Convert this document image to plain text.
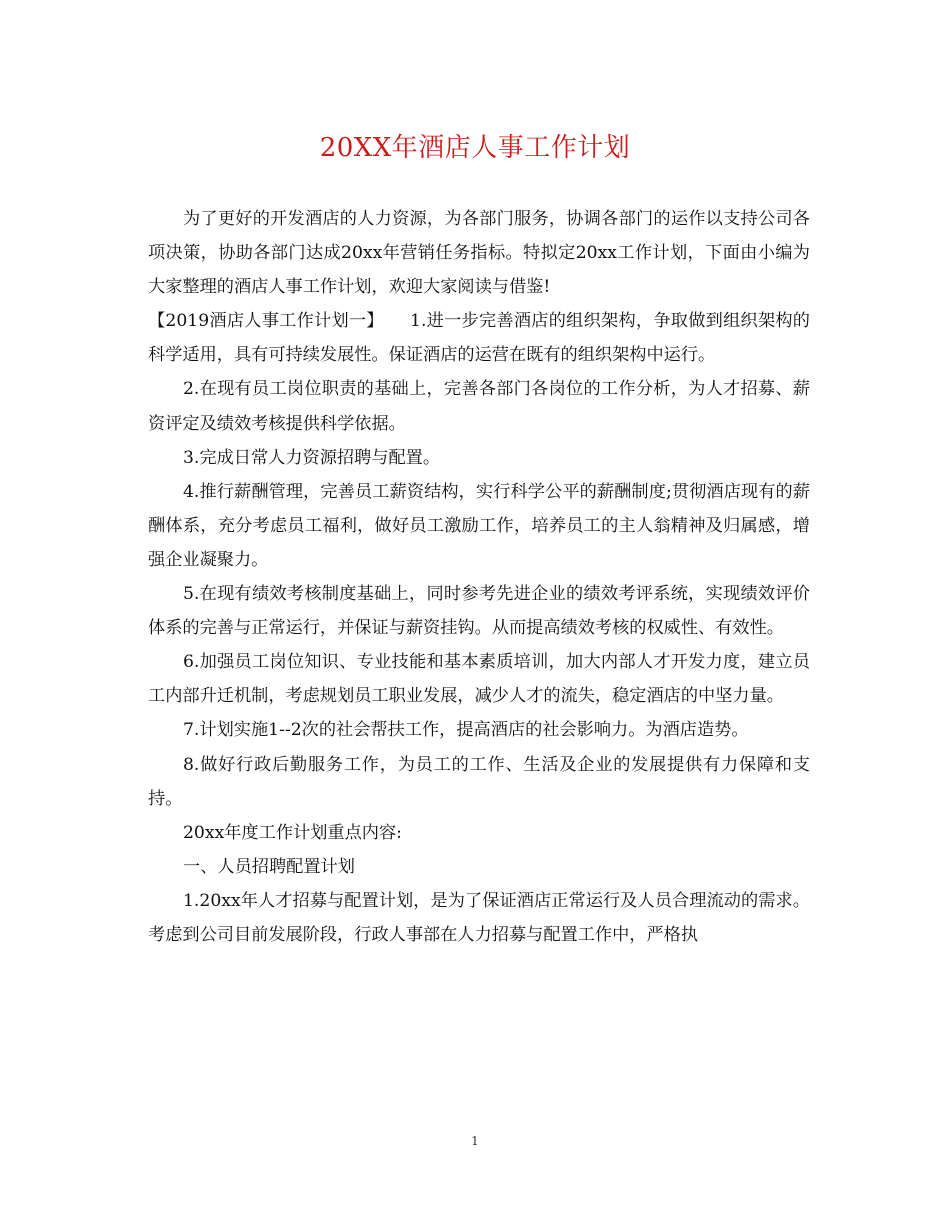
20XX年酒店人事工作计划

为了更好的开发酒店的人力资源，为各部门服务，协调各部门的运作以支持公司各项决策，协助各部门达成20xx年营销任务指标。特拟定20xx工作计划，下面由小编为大家整理的酒店人事工作计划，欢迎大家阅读与借鉴!

【2019酒店人事工作计划一】　　1.进一步完善酒店的组织架构，争取做到组织架构的科学适用，具有可持续发展性。保证酒店的运营在既有的组织架构中运行。

2.在现有员工岗位职责的基础上，完善各部门各岗位的工作分析，为人才招募、薪资评定及绩效考核提供科学依据。

3.完成日常人力资源招聘与配置。

4.推行薪酬管理，完善员工薪资结构，实行科学公平的薪酬制度;贯彻酒店现有的薪酬体系，充分考虑员工福利，做好员工激励工作，培养员工的主人翁精神及归属感，增强企业凝聚力。

5.在现有绩效考核制度基础上，同时参考先进企业的绩效考评系统，实现绩效评价体系的完善与正常运行，并保证与薪资挂钩。从而提高绩效考核的权威性、有效性。

6.加强员工岗位知识、专业技能和基本素质培训，加大内部人才开发力度，建立员工内部升迁机制，考虑规划员工职业发展，减少人才的流失，稳定酒店的中坚力量。

7.计划实施1--2次的社会帮扶工作，提高酒店的社会影响力。为酒店造势。

8.做好行政后勤服务工作，为员工的工作、生活及企业的发展提供有力保障和支持。

20xx年度工作计划重点内容:

一、人员招聘配置计划

1.20xx年人才招募与配置计划，是为了保证酒店正常运行及人员合理流动的需求。考虑到公司目前发展阶段，行政人事部在人力招募与配置工作中，严格执

1
